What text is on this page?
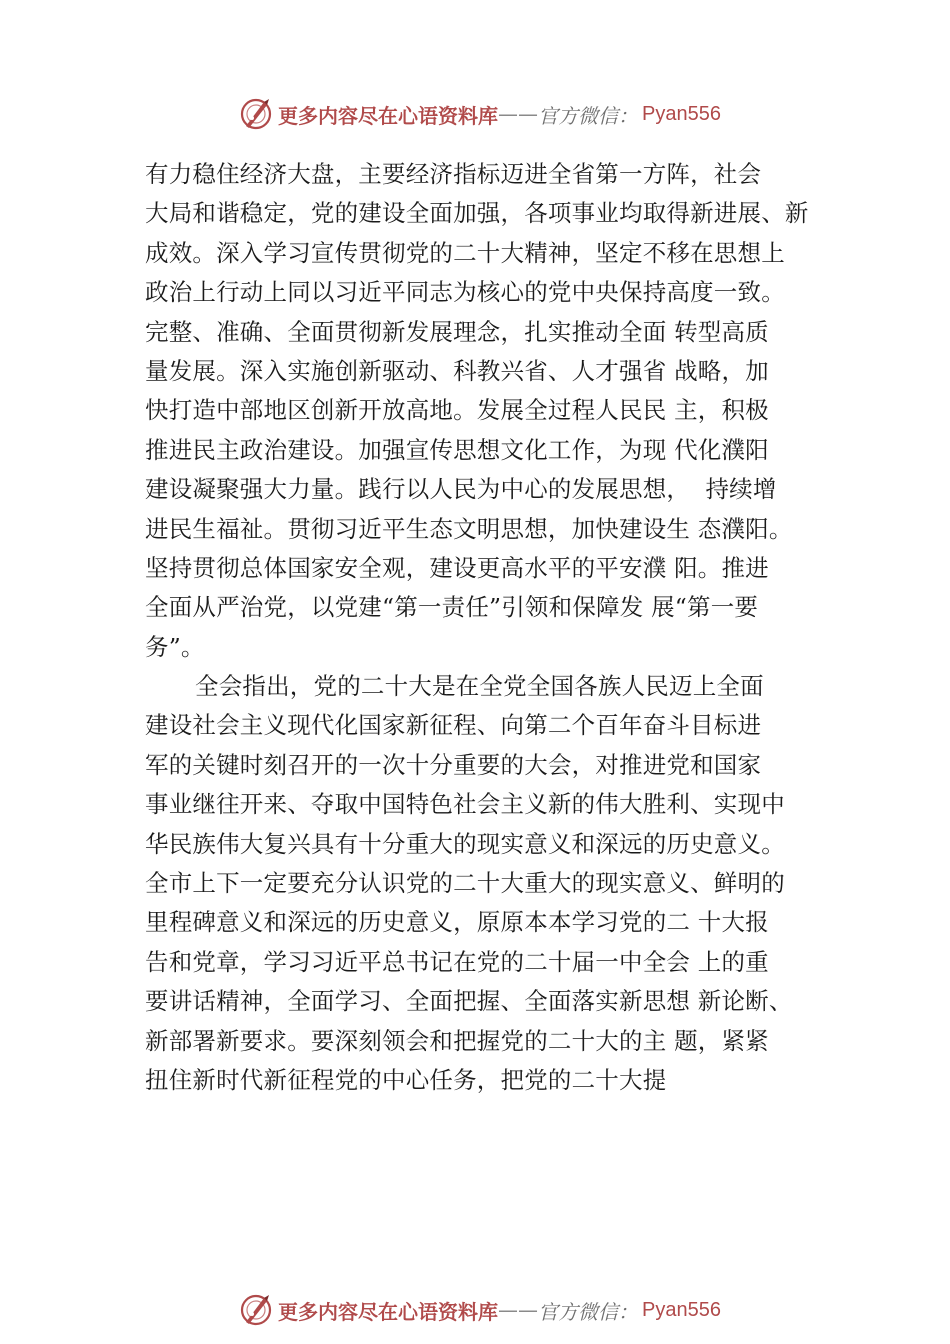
更多内容尽在心语资料库 —— 官方微信： Pyan556
有力稳住经济大盘，主要经济指标迈进全省第一方阵，社会
大局和谐稳定，党的建设全面加强，各项事业均取得新进展、新
成效。深入学习宣传贯彻党的二十大精神，坚定不移在思想上
政治上行动上同以习近平同志为核心的党中央保持高度一致。
完整、准确、全面贯彻新发展理念，扎实推动全面 转型高质
量发展。深入实施创新驱动、科教兴省、人才强省 战略，加
快打造中部地区创新开放高地。发展全过程人民民 主，积极
推进民主政治建设。加强宣传思想文化工作，为现 代化濮阳
建设凝聚强大力量。践行以人民为中心的发展思想，  持续增
进民生福祉。贯彻习近平生态文明思想，加快建设生 态濮阳。
坚持贯彻总体国家安全观，建设更高水平的平安濮 阳。推进
全面从严治党，以党建“第一责任”引领和保障发 展“第一要
务”。
全会指出，党的二十大是在全党全国各族人民迈上全面
建设社会主义现代化国家新征程、向第二个百年奋斗目标进
军的关键时刻召开的一次十分重要的大会，对推进党和国家
事业继往开来、夺取中国特色社会主义新的伟大胜利、实现中
华民族伟大复兴具有十分重大的现实意义和深远的历史意义。
全市上下一定要充分认识党的二十大重大的现实意义、鲜明的
里程碑意义和深远的历史意义，原原本本学习党的二 十大报
告和党章，学习习近平总书记在党的二十届一中全会 上的重
要讲话精神，全面学习、全面把握、全面落实新思想 新论断、
新部署新要求。要深刻领会和把握党的二十大的主 题，紧紧
扭住新时代新征程党的中心任务，把党的二十大提
更多内容尽在心语资料库 —— 官方微信： Pyan556
